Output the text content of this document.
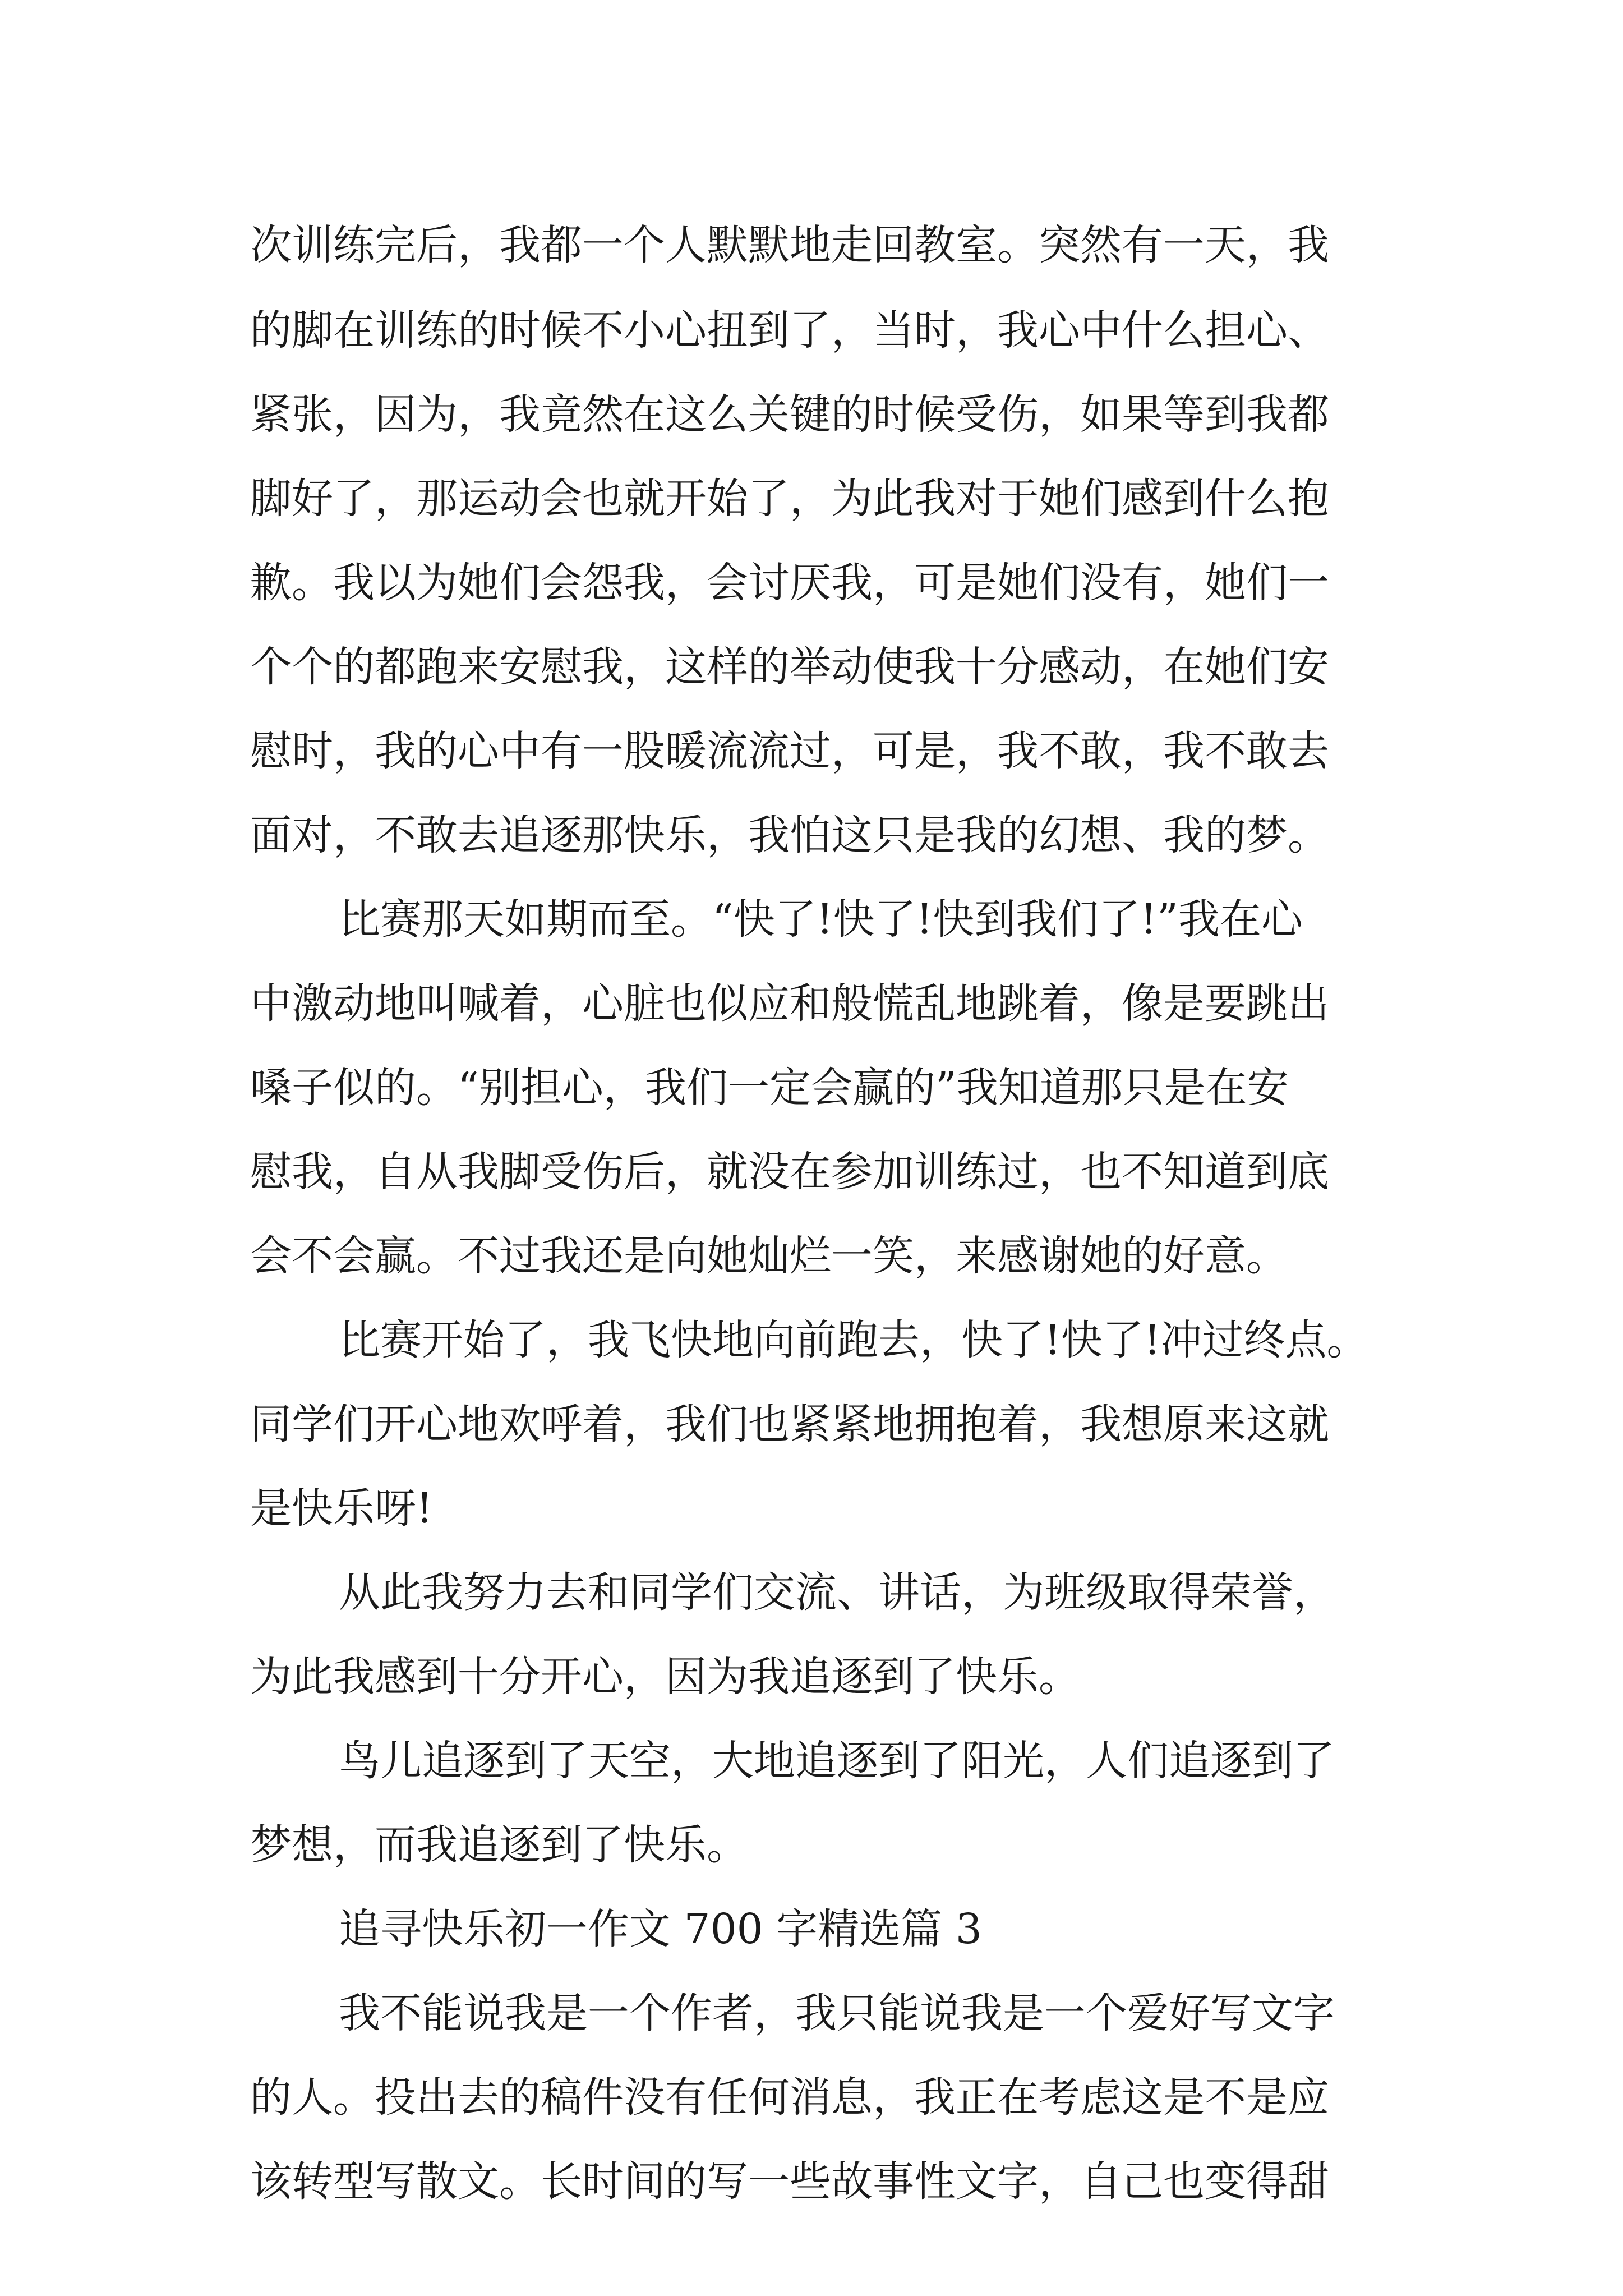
次训练完后，我都一个人默默地走回教室。突然有一天，我
的脚在训练的时候不小心扭到了，当时，我心中什么担心、
紧张，因为，我竟然在这么关键的时候受伤，如果等到我都
脚好了，那运动会也就开始了，为此我对于她们感到什么抱
歉。我以为她们会怨我，会讨厌我，可是她们没有，她们一
个个的都跑来安慰我，这样的举动使我十分感动，在她们安
慰时，我的心中有一股暖流流过，可是，我不敢，我不敢去
面对，不敢去追逐那快乐，我怕这只是我的幻想、我的梦。
比赛那天如期而至。“快了!快了!快到我们了!”我在心
中激动地叫喊着，心脏也似应和般慌乱地跳着，像是要跳出
嗓子似的。“别担心，我们一定会赢的”我知道那只是在安
慰我，自从我脚受伤后，就没在参加训练过，也不知道到底
会不会赢。不过我还是向她灿烂一笑，来感谢她的好意。
比赛开始了，我飞快地向前跑去，快了!快了!冲过终点。
同学们开心地欢呼着，我们也紧紧地拥抱着，我想原来这就
是快乐呀!
从此我努力去和同学们交流、讲话，为班级取得荣誉，
为此我感到十分开心，因为我追逐到了快乐。
鸟儿追逐到了天空，大地追逐到了阳光，人们追逐到了
梦想，而我追逐到了快乐。
追寻快乐初一作文 700 字精选篇 3
我不能说我是一个作者，我只能说我是一个爱好写文字
的人。投出去的稿件没有任何消息，我正在考虑这是不是应
该转型写散文。长时间的写一些故事性文字，自己也变得甜
